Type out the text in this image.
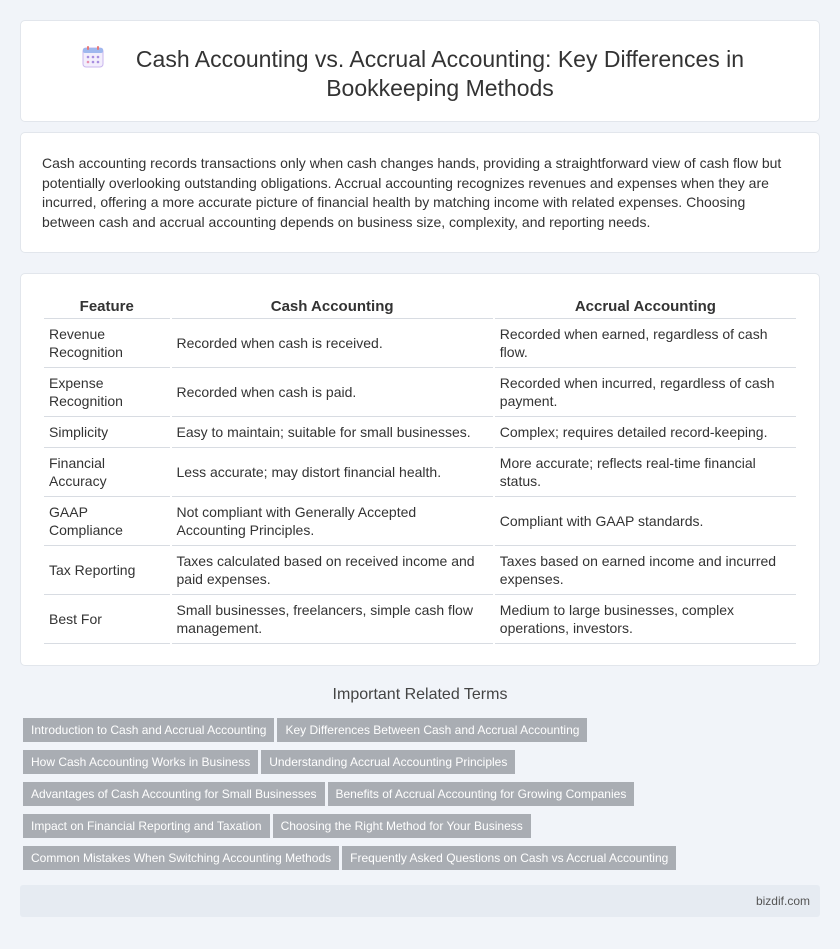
Cash Accounting vs. Accrual Accounting: Key Differences in Bookkeeping Methods
Cash accounting records transactions only when cash changes hands, providing a straightforward view of cash flow but potentially overlooking outstanding obligations. Accrual accounting recognizes revenues and expenses when they are incurred, offering a more accurate picture of financial health by matching income with related expenses. Choosing between cash and accrual accounting depends on business size, complexity, and reporting needs.
Feature	Cash Accounting	Accrual Accounting
Revenue Recognition	Recorded when cash is received.	Recorded when earned, regardless of cash flow.
Expense Recognition	Recorded when cash is paid.	Recorded when incurred, regardless of cash payment.
Simplicity	Easy to maintain; suitable for small businesses.	Complex; requires detailed record-keeping.
Financial Accuracy	Less accurate; may distort financial health.	More accurate; reflects real-time financial status.
GAAP Compliance	Not compliant with Generally Accepted Accounting Principles.	Compliant with GAAP standards.
Tax Reporting	Taxes calculated based on received income and paid expenses.	Taxes based on earned income and incurred expenses.
Best For	Small businesses, freelancers, simple cash flow management.	Medium to large businesses, complex operations, investors.
Important Related Terms
Introduction to Cash and Accrual Accounting Key Differences Between Cash and Accrual Accounting
How Cash Accounting Works in Business Understanding Accrual Accounting Principles
Advantages of Cash Accounting for Small Businesses Benefits of Accrual Accounting for Growing Companies
Impact on Financial Reporting and Taxation Choosing the Right Method for Your Business
Common Mistakes When Switching Accounting Methods Frequently Asked Questions on Cash vs Accrual Accounting
bizdif.com
